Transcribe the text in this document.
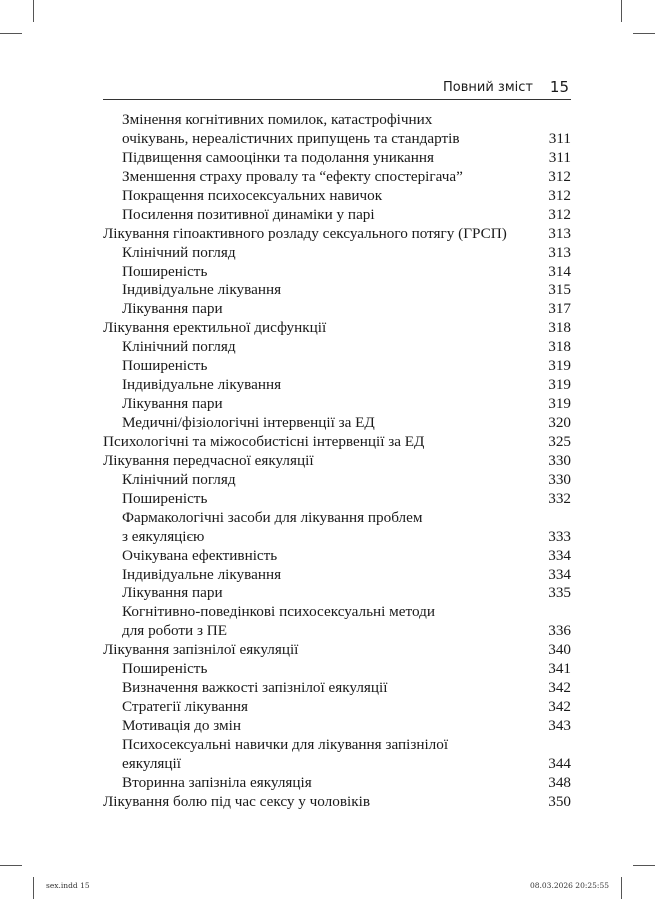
Повний зміст 15
Змінення когнітивних помилок, катастрофічних
очікувань, нереалістичних припущень та стандартів	311
Підвищення самооцінки та подолання уникання	311
Зменшення страху провалу та “ефекту спостерігача”	312
Покращення психосексуальних навичок	312
Посилення позитивної динаміки у парі	312
Лікування гіпоактивного розладу сексуального потягу (ГРСП)	313
Клінічний погляд	313
Поширеність	314
Індивідуальне лікування	315
Лікування пари	317
Лікування еректильної дисфункції	318
Клінічний погляд	318
Поширеність	319
Індивідуальне лікування	319
Лікування пари	319
Медичні/фізіологічні інтервенції за ЕД	320
Психологічні та міжособистісні інтервенції за ЕД	325
Лікування передчасної еякуляції	330
Клінічний погляд	330
Поширеність	332
Фармакологічні засоби для лікування проблем
з еякуляцією	333
Очікувана ефективність	334
Індивідуальне лікування	334
Лікування пари	335
Когнітивно-поведінкові психосексуальні методи
для роботи з ПЕ	336
Лікування запізнілої еякуляції	340
Поширеність	341
Визначення важкості запізнілої еякуляції	342
Стратегії лікування	342
Мотивація до змін	343
Психосексуальні навички для лікування запізнілої
еякуляції	344
Вторинна запізніла еякуляція	348
Лікування болю під час сексу у чоловіків	350
sex.indd 15	08.03.2026 20:25:55
